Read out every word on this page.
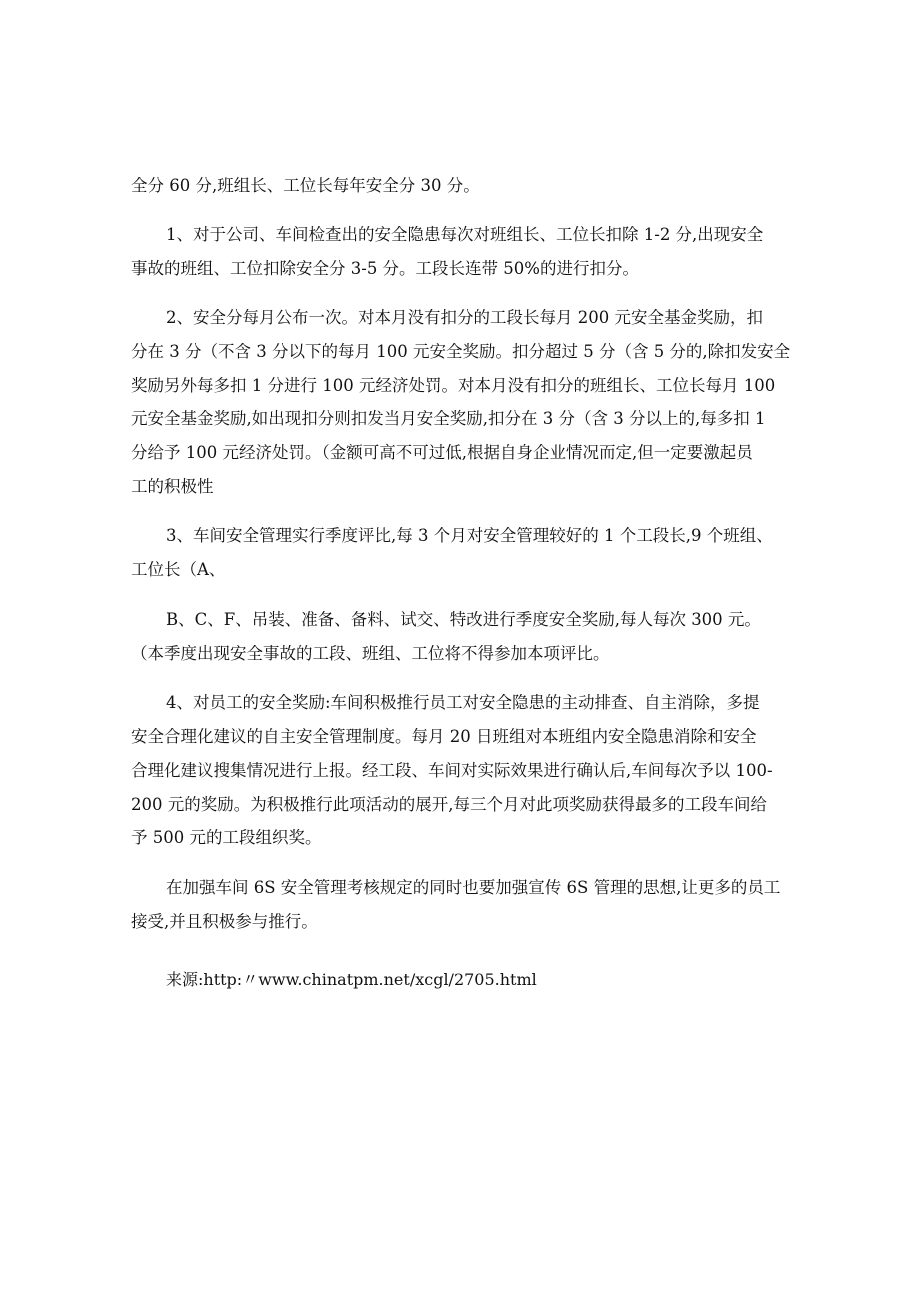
全分 60 分,班组长、工位长每年安全分 30 分。
1、对于公司、车间检查出的安全隐患每次对班组长、工位长扣除 1-2 分,出现安全
事故的班组、工位扣除安全分 3-5 分。工段长连带 50%的进行扣分。
2、安全分每月公布一次。对本月没有扣分的工段长每月 200 元安全基金奖励，扣
分在 3 分（不含 3 分以下的每月 100 元安全奖励。扣分超过 5 分（含 5 分的,除扣发安全
奖励另外每多扣 1 分进行 100 元经济处罚。对本月没有扣分的班组长、工位长每月 100
元安全基金奖励,如出现扣分则扣发当月安全奖励,扣分在 3 分（含 3 分以上的,每多扣 1
分给予 100 元经济处罚。（金额可高不可过低,根据自身企业情况而定,但一定要激起员
工的积极性
3、车间安全管理实行季度评比,每 3 个月对安全管理较好的 1 个工段长,9 个班组、
工位长（A、
B、C、F、吊装、准备、备料、试交、特改进行季度安全奖励,每人每次 300 元。
（本季度出现安全事故的工段、班组、工位将不得参加本项评比。
4、对员工的安全奖励:车间积极推行员工对安全隐患的主动排查、自主消除，多提
安全合理化建议的自主安全管理制度。每月 20 日班组对本班组内安全隐患消除和安全
合理化建议搜集情况进行上报。经工段、车间对实际效果进行确认后,车间每次予以 100-
200 元的奖励。为积极推行此项活动的展开,每三个月对此项奖励获得最多的工段车间给
予 500 元的工段组织奖。
在加强车间 6S 安全管理考核规定的同时也要加强宣传 6S 管理的思想,让更多的员工
接受,并且积极参与推行。
来源:http:〃www.chinatpm.net/xcgl/2705.html
